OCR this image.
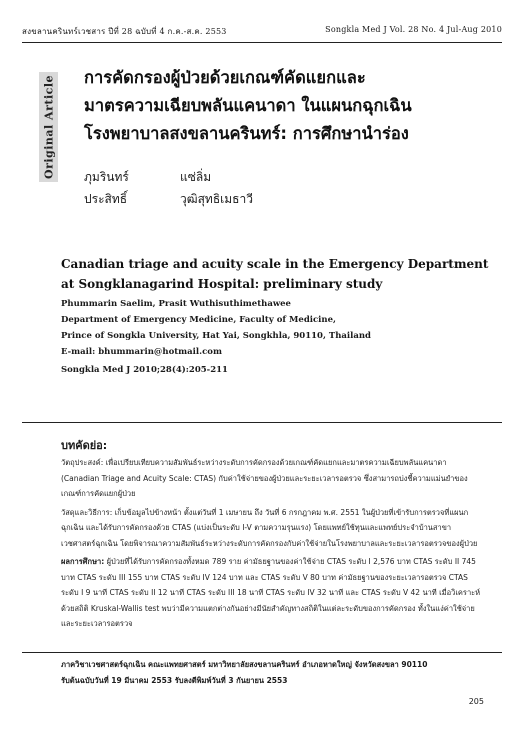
สงขลานครินทร์เวชสาร ปีที่ 28 ฉบับที่ 4 ก.ค.-ส.ค. 2553	Songkla Med J Vol. 28 No. 4 Jul-Aug 2010
Original Article การคัดกรองผู้ป่วยด้วยเกณฑ์คัดแยกและ
มาตรความเฉียบพลันแคนาดา ในแผนกฉุกเฉิน
โรงพยาบาลสงขลานครินทร์: การศึกษานำร่อง
ภุมรินทร์	แซ่ลิ่ม
ประสิทธิ์	วุฒิสุทธิเมธาวี
Canadian triage and acuity scale in the Emergency Department
at Songklanagarind Hospital: preliminary study
Phummarin Saelim, Prasit Wuthisuthimethawee
Department of Emergency Medicine, Faculty of Medicine,
Prince of Songkla University, Hat Yai, Songkhla, 90110, Thailand
E-mail: bhummarin@hotmail.com
Songkla Med J 2010;28(4):205-211
บทคัดย่อ:

วัตถุประสงค์: เพื่อเปรียบเทียบความสัมพันธ์ระหว่างระดับการคัดกรองด้วยเกณฑ์คัดแยกและมาตรความเฉียบพลันแคนาดา (Canadian Triage and Acuity Scale: CTAS) กับค่าใช้จ่ายของผู้ป่วยและระยะเวลารอตรวจ ซึ่งสามารถบ่งชี้ความแม่นยำของเกณฑ์การคัดแยกผู้ป่วย

วัสดุและวิธีการ: เก็บข้อมูลไปข้างหน้า ตั้งแต่วันที่ 1 เมษายน ถึง วันที่ 6 กรกฎาคม พ.ศ. 2551 ในผู้ป่วยที่เข้ารับการตรวจที่แผนกฉุกเฉิน และได้รับการคัดกรองด้วย CTAS (แบ่งเป็นระดับ I-V ตามความรุนแรง) โดยแพทย์ใช้ทุนและแพทย์ประจำบ้านสาขาเวชศาสตร์ฉุกเฉิน โดยพิจารณาความสัมพันธ์ระหว่างระดับการคัดกรองกับค่าใช้จ่ายในโรงพยาบาลและระยะเวลารอตรวจของผู้ป่วย

ผลการศึกษา: ผู้ป่วยที่ได้รับการคัดกรองทั้งหมด 789 ราย ค่ามัธยฐานของค่าใช้จ่าย CTAS ระดับ I 2,576 บาท CTAS ระดับ II 745 บาท CTAS ระดับ III 155 บาท CTAS ระดับ IV 124 บาท และ CTAS ระดับ V 80 บาท ค่ามัธยฐานของระยะเวลารอตรวจ CTAS ระดับ I 9 นาที CTAS ระดับ II 12 นาที CTAS ระดับ III 18 นาที CTAS ระดับ IV 32 นาที และ CTAS ระดับ V 42 นาที เมื่อวิเคราะห์ด้วยสถิติ Kruskal-Wallis test พบว่ามีความแตกต่างกันอย่างมีนัยสำคัญทางสถิติในแต่ละระดับของการคัดกรอง ทั้งในแง่ค่าใช้จ่ายและระยะเวลารอตรวจ

ภาควิชาเวชศาสตร์ฉุกเฉิน คณะแพทยศาสตร์ มหาวิทยาลัยสงขลานครินทร์ อำเภอหาดใหญ่ จังหวัดสงขลา 90110
รับต้นฉบับวันที่ 19 มีนาคม 2553 รับลงตีพิมพ์วันที่ 3 กันยายน 2553
205
